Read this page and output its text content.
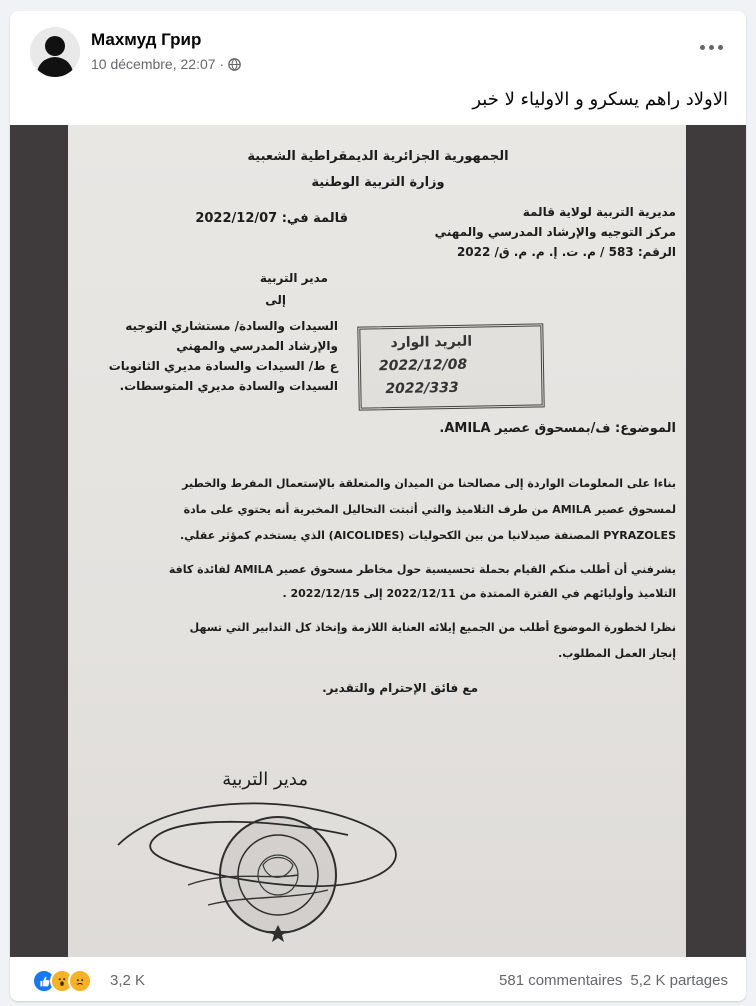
Махмуд Грир
10 décembre, 22:07 ·
الاولاد راهم يسكرو و الاولياء لا خبر
الجمهورية الجزائرية الديمقراطية الشعبية
وزارة التربية الوطنية
قالمة في: 2022/12/07	مديرية التربية لولاية قالمة
مركز التوجيه والإرشاد المدرسي والمهني
الرقم: 583 / م. ت. إ. م. م. ق/ 2022
مدير التربية
إلى
السيدات والسادة/ مستشاري التوجيه
والإرشاد المدرسي والمهني
ع ط/ السيدات والسادة مديري الثانويات
السيدات والسادة مديري المتوسطات.
البريد الوارد
2022/12/08
2022/333
الموضوع: ف/بمسحوق عصير AMILA.
بناءا على المعلومات الواردة إلى مصالحنا من الميدان والمتعلقة بالإستعمال المفرط والخطير
لمسحوق عصير AMILA من طرف التلاميذ والتي أثبتت التحاليل المخبرية أنه يحتوي على مادة
PYRAZOLES المصنفة صيدلانيا من بين الكحوليات (AICOLIDES) الذي يستخدم كمؤثر عقلي.
يشرفني أن أطلب منكم القيام بحملة تحسيسية حول مخاطر مسحوق عصير AMILA لفائدة كافة
التلاميذ وأوليائهم في الفترة الممتدة من 2022/12/11 إلى 2022/12/15 .
نظرا لخطورة الموضوع أطلب من الجميع إيلائه العناية اللازمة وإتخاذ كل التدابير التي تسهل
إنجاز العمل المطلوب.
مع فائق الإحترام والتقدير.
مدير التربية
3,2 K	581 commentaires 5,2 K partages
